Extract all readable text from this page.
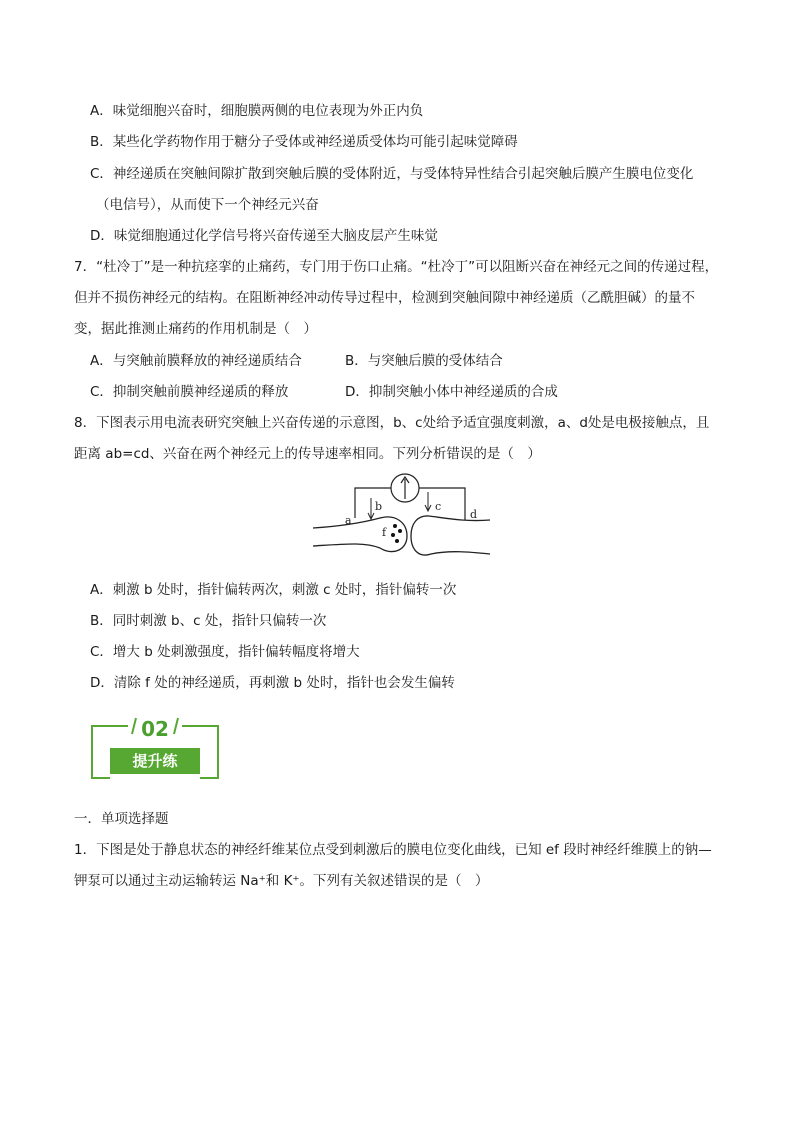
A．味觉细胞兴奋时，细胞膜两侧的电位表现为外正内负
B．某些化学药物作用于糖分子受体或神经递质受体均可能引起味觉障碍
C．神经递质在突触间隙扩散到突触后膜的受体附近，与受体特异性结合引起突触后膜产生膜电位变化
（电信号），从而使下一个神经元兴奋
D．味觉细胞通过化学信号将兴奋传递至大脑皮层产生味觉
7．“杜冷丁”是一种抗痉挛的止痛药，专门用于伤口止痛。“杜冷丁”可以阻断兴奋在神经元之间的传递过程，
但并不损伤神经元的结构。在阻断神经冲动传导过程中，检测到突触间隙中神经递质（乙酰胆碱）的量不
变，据此推测止痛药的作用机制是（　）
A．与突触前膜释放的神经递质结合	B．与突触后膜的受体结合
C．抑制突触前膜神经递质的释放	D．抑制突触小体中神经递质的合成
8．下图表示用电流表研究突触上兴奋传递的示意图，b、c处给予适宜强度刺激，a、d处是电极接触点，且
距离 ab=cd、兴奋在两个神经元上的传导速率相同。下列分析错误的是（　）
a
b	c
d
f
A．刺激 b 处时，指针偏转两次，刺激 c 处时，指针偏转一次
B．同时刺激 b、c 处，指针只偏转一次
C．增大 b 处刺激强度，指针偏转幅度将增大
D．清除 f 处的神经递质，再刺激 b 处时，指针也会发生偏转
02
提升练
一．单项选择题
1．下图是处于静息状态的神经纤维某位点受到刺激后的膜电位变化曲线，已知 ef 段时神经纤维膜上的钠—
钾泵可以通过主动运输转运 Na⁺和 K⁺。下列有关叙述错误的是（　）
